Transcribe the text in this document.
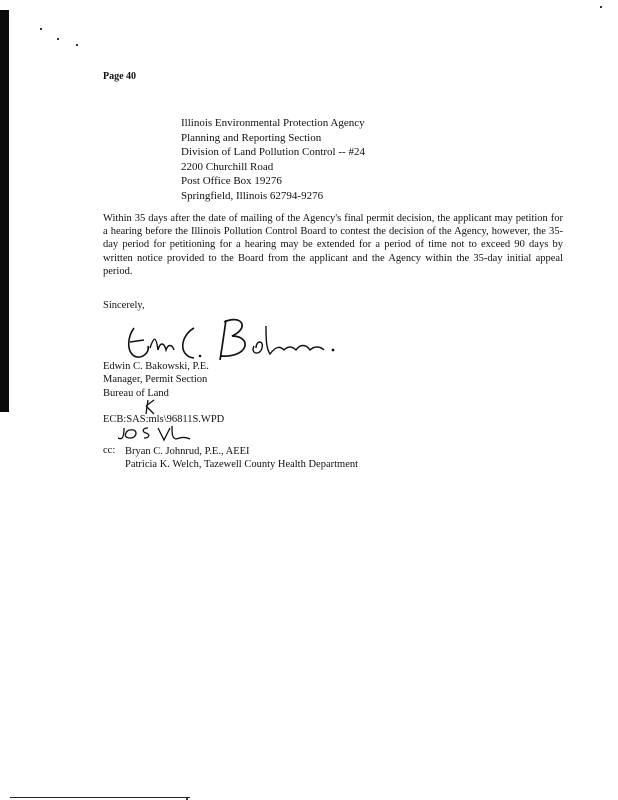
Page 40
Illinois Environmental Protection Agency
Planning and Reporting Section
Division of Land Pollution Control -- #24
2200 Churchill Road
Post Office Box 19276
Springfield, Illinois 62794-9276
Within 35 days after the date of mailing of the Agency's final permit decision, the applicant may petition for a hearing before the Illinois Pollution Control Board to contest the decision of the Agency, however, the 35-day period for petitioning for a hearing may be extended for a period of time not to exceed 90 days by written notice provided to the Board from the applicant and the Agency within the 35-day initial appeal period.
Sincerely,
Edwin C. Bakowski, P.E.
Manager, Permit Section
Bureau of Land
ECB:SAS:mls\96811S.WPD
cc: Bryan C. Johnrud, P.E., AEEI
Patricia K. Welch, Tazewell County Health Department
